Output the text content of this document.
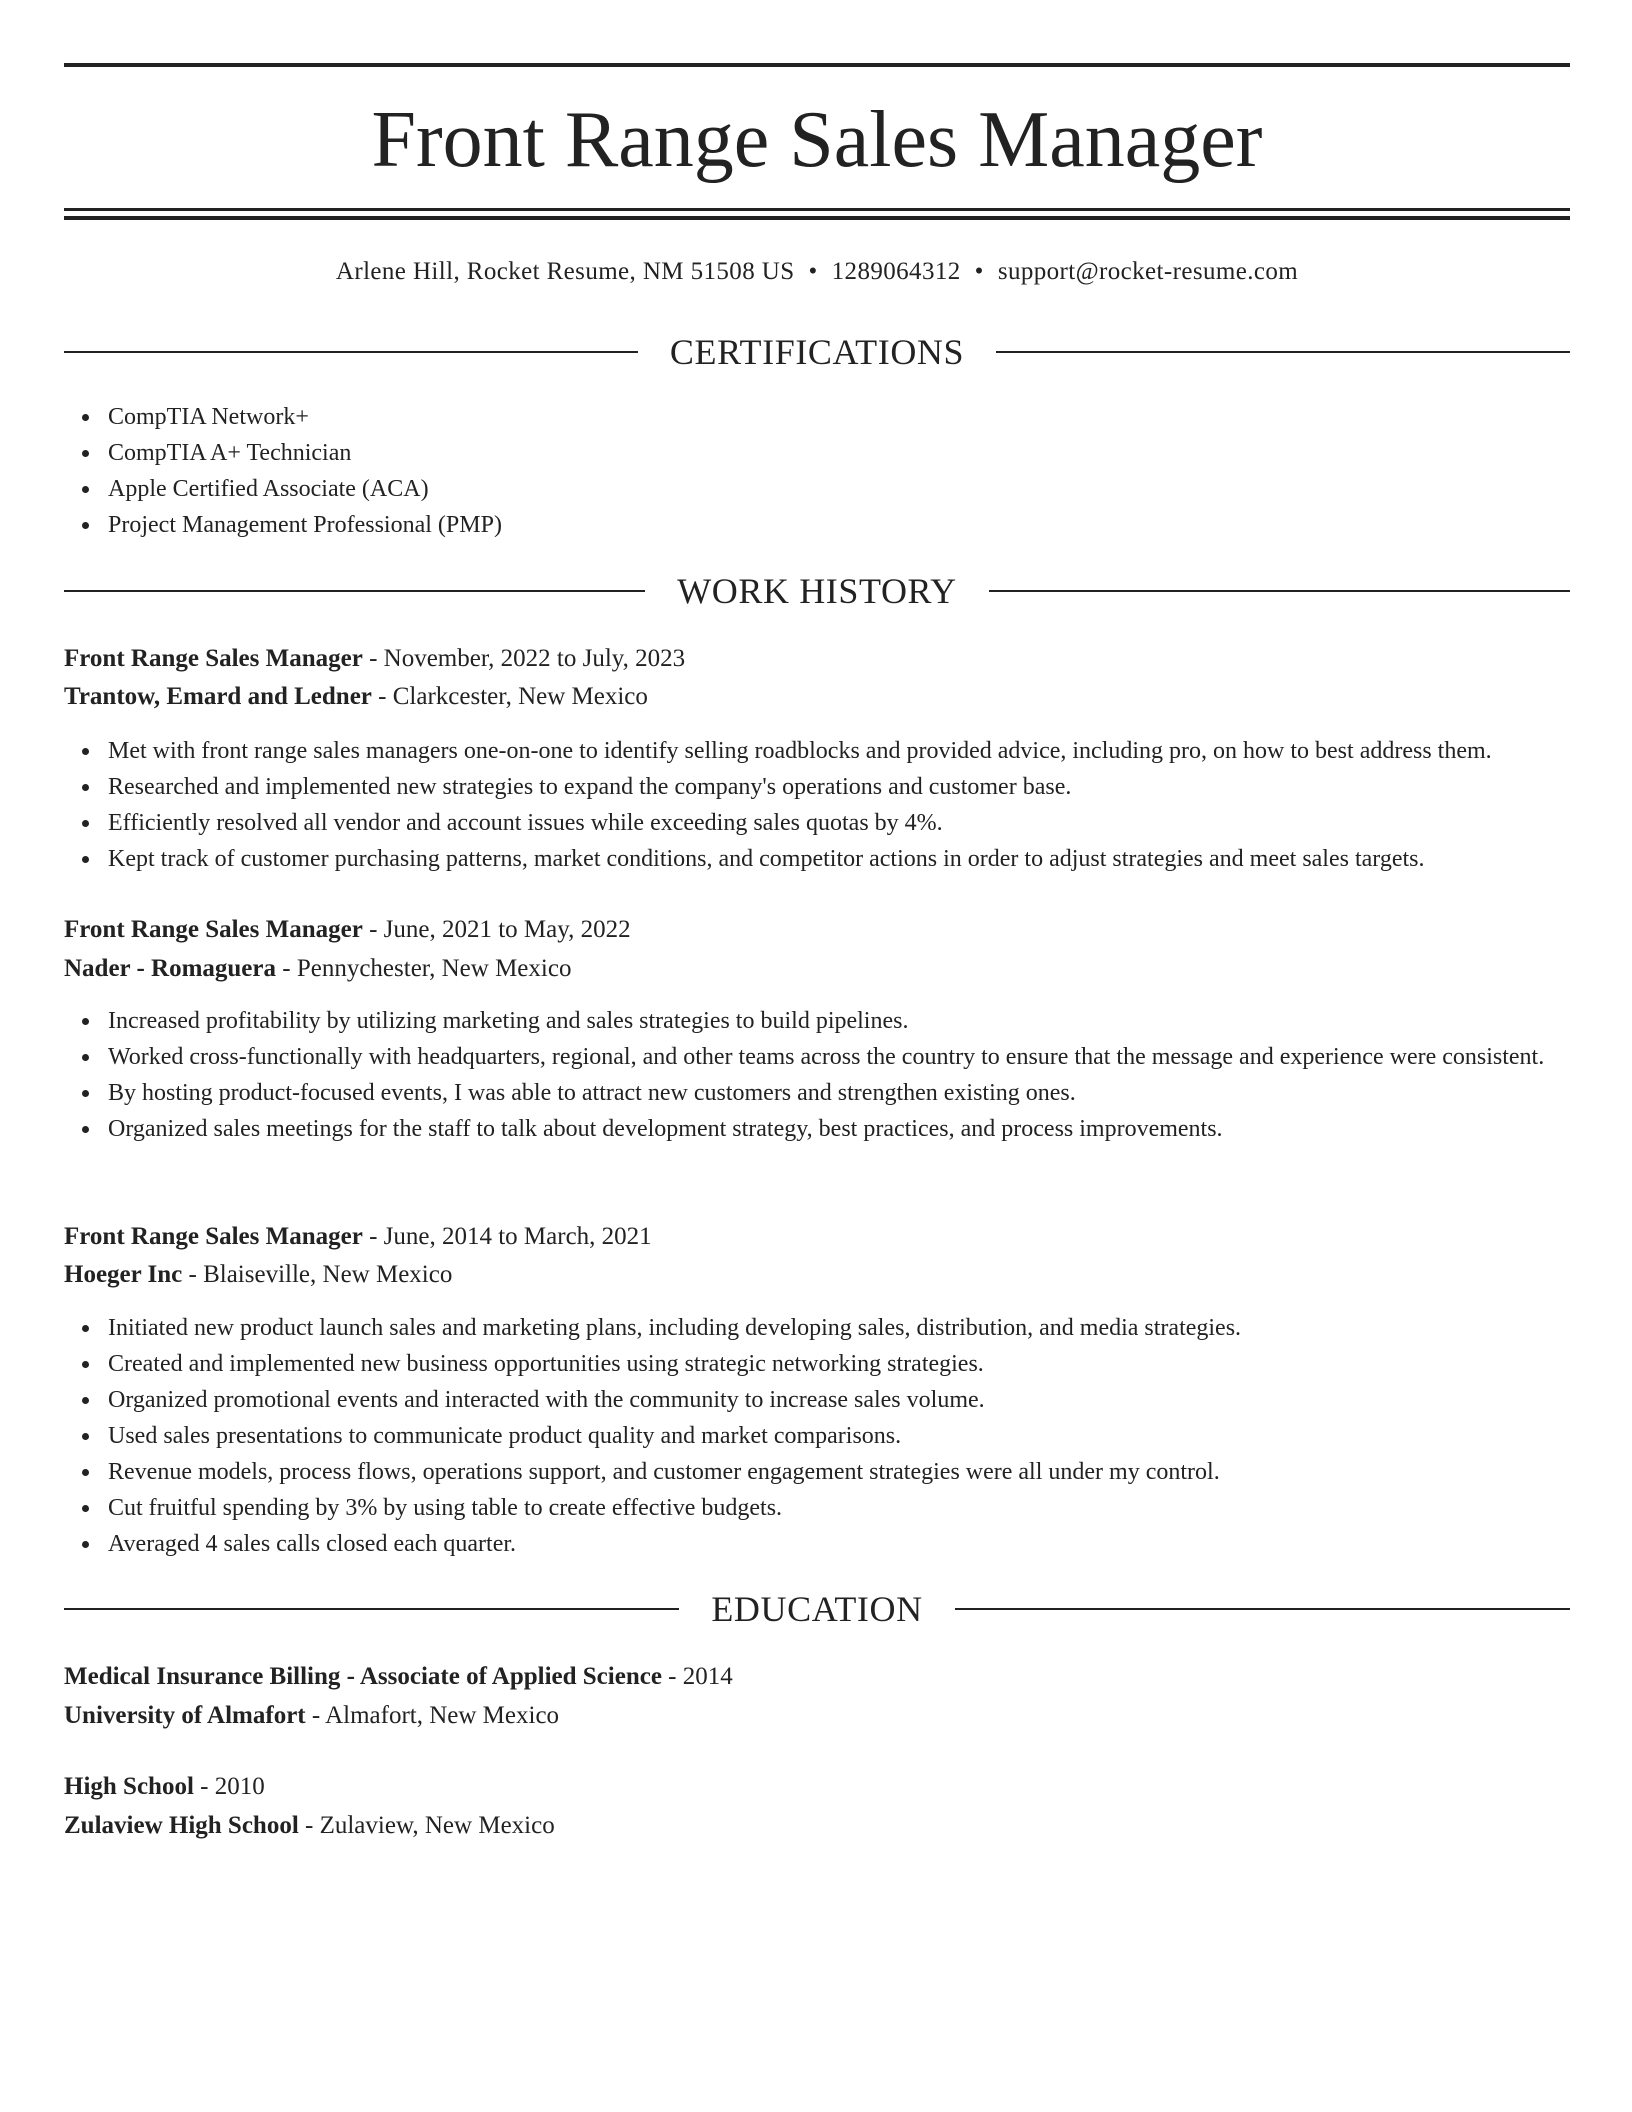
Front Range Sales Manager
Arlene Hill, Rocket Resume, NM 51508 US • 1289064312 • support@rocket-resume.com
CERTIFICATIONS
CompTIA Network+
CompTIA A+ Technician
Apple Certified Associate (ACA)
Project Management Professional (PMP)
WORK HISTORY
Front Range Sales Manager - November, 2022 to July, 2023
Trantow, Emard and Ledner - Clarkcester, New Mexico
Met with front range sales managers one-on-one to identify selling roadblocks and provided advice, including pro, on how to best address them.
Researched and implemented new strategies to expand the company's operations and customer base.
Efficiently resolved all vendor and account issues while exceeding sales quotas by 4%.
Kept track of customer purchasing patterns, market conditions, and competitor actions in order to adjust strategies and meet sales targets.
Front Range Sales Manager - June, 2021 to May, 2022
Nader - Romaguera - Pennychester, New Mexico
Increased profitability by utilizing marketing and sales strategies to build pipelines.
Worked cross-functionally with headquarters, regional, and other teams across the country to ensure that the message and experience were consistent.
By hosting product-focused events, I was able to attract new customers and strengthen existing ones.
Organized sales meetings for the staff to talk about development strategy, best practices, and process improvements.
Front Range Sales Manager - June, 2014 to March, 2021
Hoeger Inc - Blaiseville, New Mexico
Initiated new product launch sales and marketing plans, including developing sales, distribution, and media strategies.
Created and implemented new business opportunities using strategic networking strategies.
Organized promotional events and interacted with the community to increase sales volume.
Used sales presentations to communicate product quality and market comparisons.
Revenue models, process flows, operations support, and customer engagement strategies were all under my control.
Cut fruitful spending by 3% by using table to create effective budgets.
Averaged 4 sales calls closed each quarter.
EDUCATION
Medical Insurance Billing - Associate of Applied Science - 2014
University of Almafort - Almafort, New Mexico
High School - 2010
Zulaview High School - Zulaview, New Mexico
